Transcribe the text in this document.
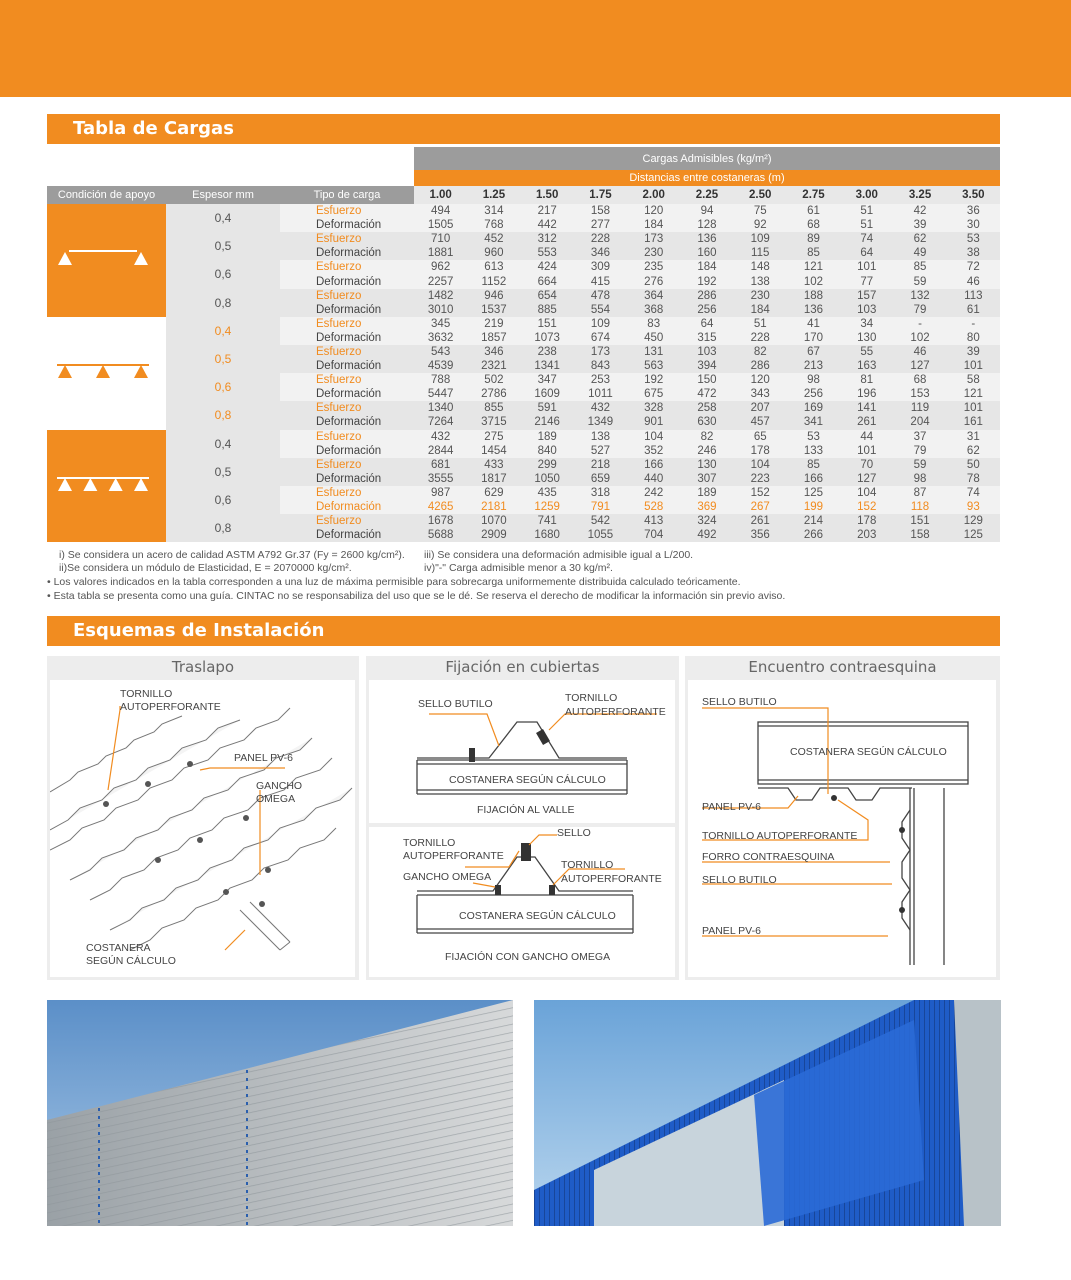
Tabla de Cargas
			Cargas Admisibles (kg/m²)										
			Distancias entre costaneras (m)										
Condición de apoyo	Espesor mm	Tipo de carga	1.00	1.25	1.50	1.75	2.00	2.25	2.50	2.75	3.00	3.25	3.50
	0,4	Esfuerzo	494	314	217	158	120	94	75	61	51	42	36
		Deformación	1505	768	442	277	184	128	92	68	51	39	30
	0,5	Esfuerzo	710	452	312	228	173	136	109	89	74	62	53
		Deformación	1881	960	553	346	230	160	115	85	64	49	38
	0,6	Esfuerzo	962	613	424	309	235	184	148	121	101	85	72
		Deformación	2257	1152	664	415	276	192	138	102	77	59	46
	0,8	Esfuerzo	1482	946	654	478	364	286	230	188	157	132	113
		Deformación	3010	1537	885	554	368	256	184	136	103	79	61
	0,4	Esfuerzo	345	219	151	109	83	64	51	41	34	-	-
		Deformación	3632	1857	1073	674	450	315	228	170	130	102	80
	0,5	Esfuerzo	543	346	238	173	131	103	82	67	55	46	39
		Deformación	4539	2321	1341	843	563	394	286	213	163	127	101
	0,6	Esfuerzo	788	502	347	253	192	150	120	98	81	68	58
		Deformación	5447	2786	1609	1011	675	472	343	256	196	153	121
	0,8	Esfuerzo	1340	855	591	432	328	258	207	169	141	119	101
		Deformación	7264	3715	2146	1349	901	630	457	341	261	204	161
	0,4	Esfuerzo	432	275	189	138	104	82	65	53	44	37	31
		Deformación	2844	1454	840	527	352	246	178	133	101	79	62
	0,5	Esfuerzo	681	433	299	218	166	130	104	85	70	59	50
		Deformación	3555	1817	1050	659	440	307	223	166	127	98	78
	0,6	Esfuerzo	987	629	435	318	242	189	152	125	104	87	74
		Deformación	4265	2181	1259	791	528	369	267	199	152	118	93
	0,8	Esfuerzo	1678	1070	741	542	413	324	261	214	178	151	129
		Deformación	5688	2909	1680	1055	704	492	356	266	203	158	125
i) Se considera un acero de calidad ASTM A792 Gr.37 (Fy = 2600 kg/cm²).
ii)Se considera un módulo de Elasticidad, E = 2070000 kg/cm².
iii) Se considera una deformación admisible igual a L/200.
iv)"-" Carga admisible menor a 30 kg/m².
• Los valores indicados en la tabla corresponden a una luz de máxima permisible para sobrecarga uniformemente distribuida calculado teóricamente.
• Esta tabla se presenta como una guía. CINTAC no se responsabiliza del uso que se le dé. Se reserva el derecho de modificar la información sin previo aviso.
Esquemas de Instalación
Traslapo
TORNILLO
AUTOPERFORANTE
PANEL PV-6
GANCHO
OMEGA
COSTANERA
SEGÚN CÁLCULO
Fijación en cubiertas
SELLO BUTILO	TORNILLO
AUTOPERFORANTE
COSTANERA SEGÚN CÁLCULO
FIJACIÓN AL VALLE
SELLO
TORNILLO
AUTOPERFORANTE
TORNILLO
AUTOPERFORANTE
GANCHO OMEGA
COSTANERA SEGÚN CÁLCULO
FIJACIÓN CON GANCHO OMEGA
Encuentro contraesquina
SELLO BUTILO
COSTANERA SEGÚN CÁLCULO
PANEL PV-6
TORNILLO AUTOPERFORANTE
FORRO CONTRAESQUINA
SELLO BUTILO
PANEL PV-6
